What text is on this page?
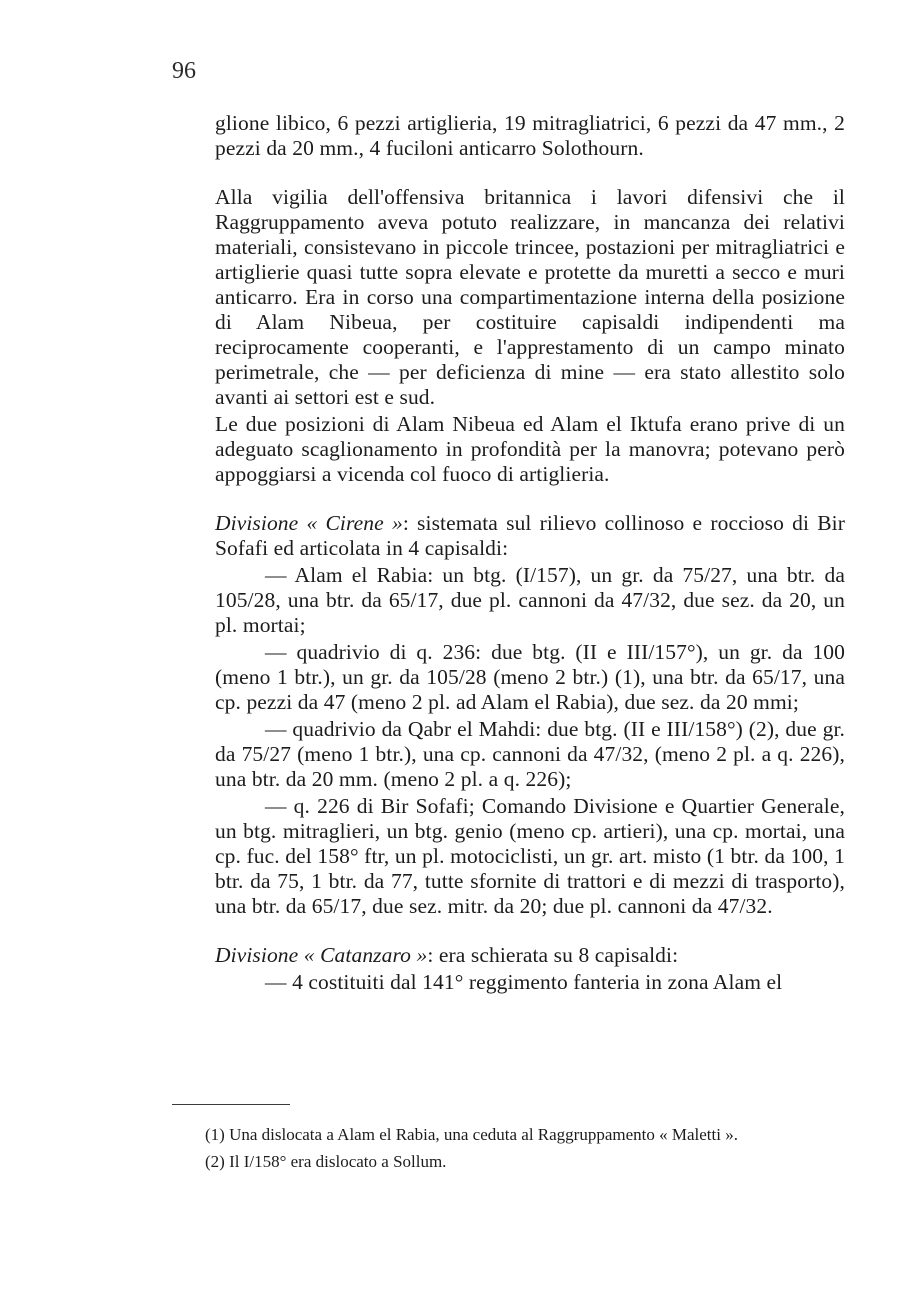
96

glione libico, 6 pezzi artiglieria, 19 mitragliatrici, 6 pezzi da 47 mm., 2 pezzi da 20 mm., 4 fuciloni anticarro Solothourn.

Alla vigilia dell'offensiva britannica i lavori difensivi che il Raggruppamento aveva potuto realizzare, in mancanza dei relativi materiali, consistevano in piccole trincee, postazioni per mitragliatrici e artiglierie quasi tutte sopra elevate e protette da muretti a secco e muri anticarro. Era in corso una compartimentazione interna della posizione di Alam Nibeua, per costituire capisaldi indipendenti ma reciprocamente cooperanti, e l'apprestamento di un campo minato perimetrale, che — per deficienza di mine — era stato allestito solo avanti ai settori est e sud.

Le due posizioni di Alam Nibeua ed Alam el Iktufa erano prive di un adeguato scaglionamento in profondità per la manovra; potevano però appoggiarsi a vicenda col fuoco di artiglieria.

Divisione « Cirene »: sistemata sul rilievo collinoso e roccioso di Bir Sofafi ed articolata in 4 capisaldi:

— Alam el Rabia: un btg. (I/157), un gr. da 75/27, una btr. da 105/28, una btr. da 65/17, due pl. cannoni da 47/32, due sez. da 20, un pl. mortai;

— quadrivio di q. 236: due btg. (II e III/157°), un gr. da 100 (meno 1 btr.), un gr. da 105/28 (meno 2 btr.) (1), una btr. da 65/17, una cp. pezzi da 47 (meno 2 pl. ad Alam el Rabia), due sez. da 20 mmi;

— quadrivio da Qabr el Mahdi: due btg. (II e III/158°) (2), due gr. da 75/27 (meno 1 btr.), una cp. cannoni da 47/32, (meno 2 pl. a q. 226), una btr. da 20 mm. (meno 2 pl. a q. 226);

— q. 226 di Bir Sofafi; Comando Divisione e Quartier Generale, un btg. mitraglieri, un btg. genio (meno cp. artieri), una cp. mortai, una cp. fuc. del 158° ftr, un pl. motociclisti, un gr. art. misto (1 btr. da 100, 1 btr. da 75, 1 btr. da 77, tutte sfornite di trattori e di mezzi di trasporto), una btr. da 65/17, due sez. mitr. da 20; due pl. cannoni da 47/32.

Divisione « Catanzaro »: era schierata su 8 capisaldi:

— 4 costituiti dal 141° reggimento fanteria in zona Alam el

(1) Una dislocata a Alam el Rabia, una ceduta al Raggruppamento « Maletti ».

(2) Il I/158° era dislocato a Sollum.
